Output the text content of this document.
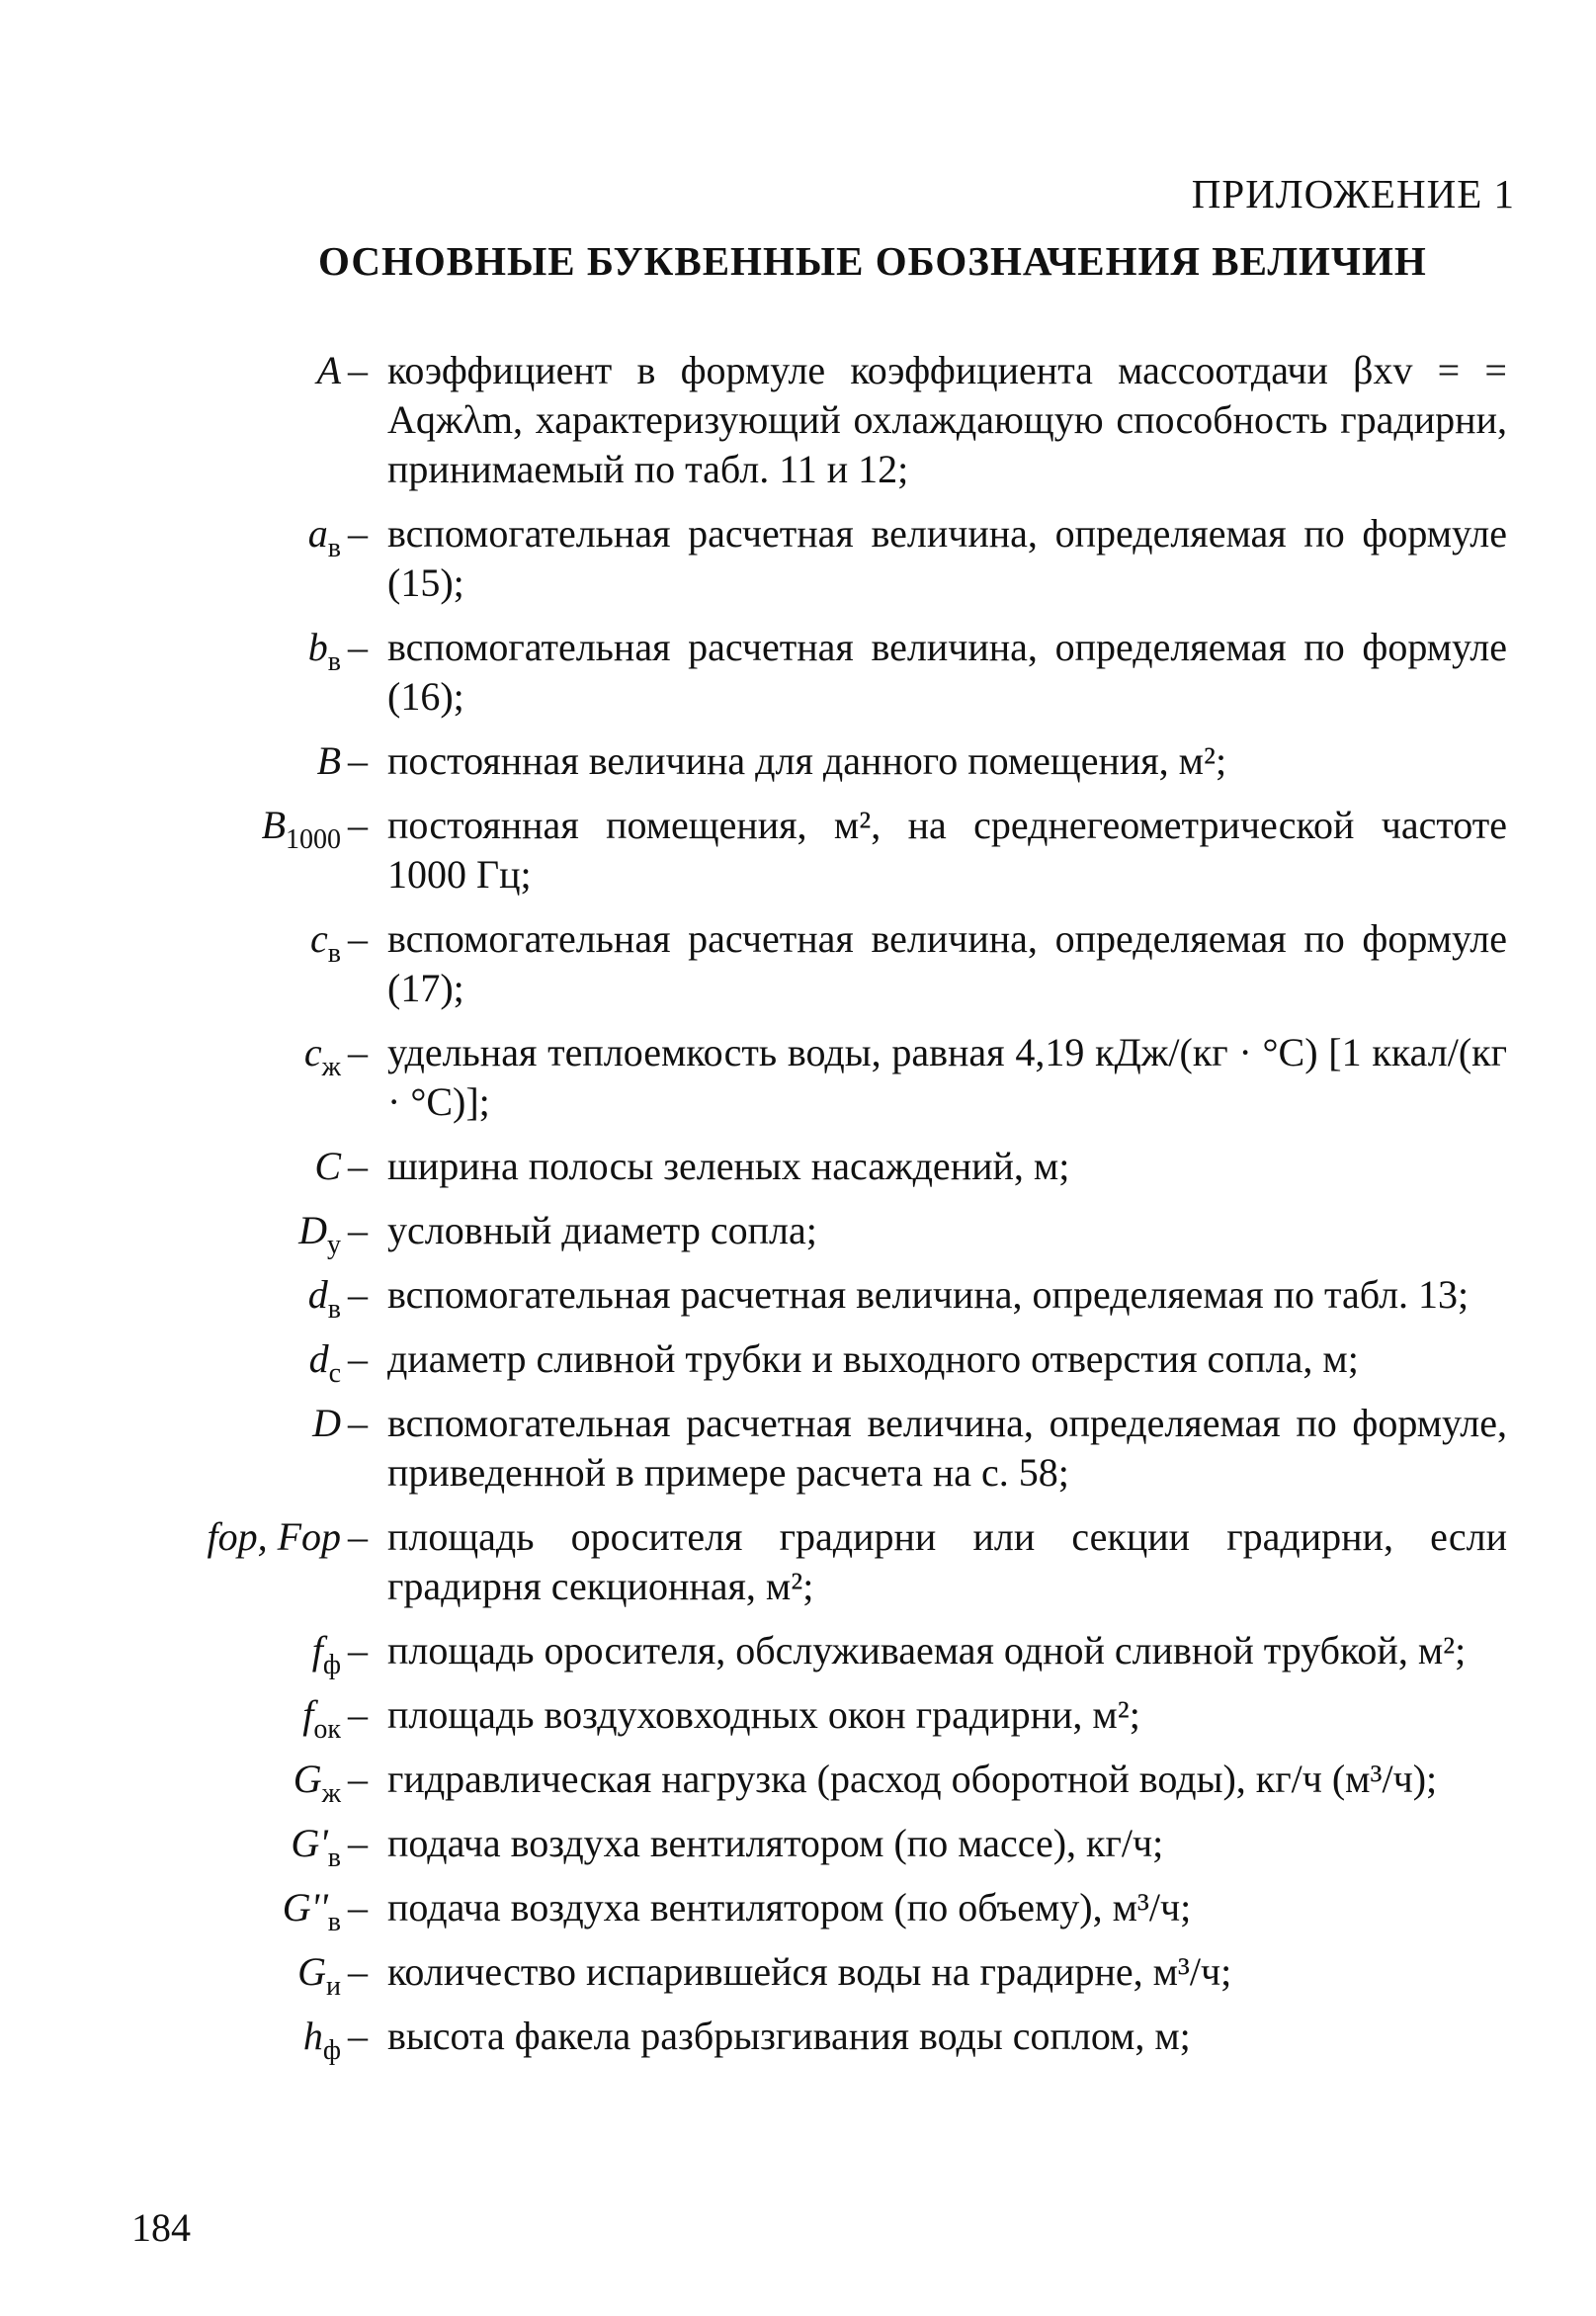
ПРИЛОЖЕНИЕ 1
ОСНОВНЫЕ БУКВЕННЫЕ ОБОЗНАЧЕНИЯ ВЕЛИЧИН
A – коэффициент в формуле коэффициента массоотдачи βxv = = Aqжλm, характеризующий охлаждающую способность градирни, принимаемый по табл. 11 и 12;
$a_в$ – вспомогательная расчетная величина, определяемая по формуле (15);
$b_в$ – вспомогательная расчетная величина, определяемая по формуле (16);
B – постоянная величина для данного помещения, м²;
$B_{1000}$ – постоянная помещения, м², на среднегеометрической частоте 1000 Гц;
$c_в$ – вспомогательная расчетная величина, определяемая по формуле (17);
$c_ж$ – удельная теплоемкость воды, равная 4,19 кДж/(кг · °С) [1 ккал/(кг · °С)];
C – ширина полосы зеленых насаждений, м;
$D_у$ – условный диаметр сопла;
$d_в$ – вспомогательная расчетная величина, определяемая по табл. 13;
$d_с$ – диаметр сливной трубки и выходного отверстия сопла, м;
D – вспомогательная расчетная величина, определяемая по формуле, приведенной в примере расчета на с. 58;
fор, Fор – площадь оросителя градирни или секции градирни, если градирня секционная, м²;
$f_ф$ – площадь оросителя, обслуживаемая одной сливной трубкой, м²;
$f_{ок}$ – площадь воздуховходных окон градирни, м²;
$G_ж$ – гидравлическая нагрузка (расход оборотной воды), кг/ч (м³/ч);
$G'_в$ – подача воздуха вентилятором (по массе), кг/ч;
$G''_в$ – подача воздуха вентилятором (по объему), м³/ч;
$G_и$ – количество испарившейся воды на градирне, м³/ч;
$h_ф$ – высота факела разбрызгивания воды соплом, м;
184
